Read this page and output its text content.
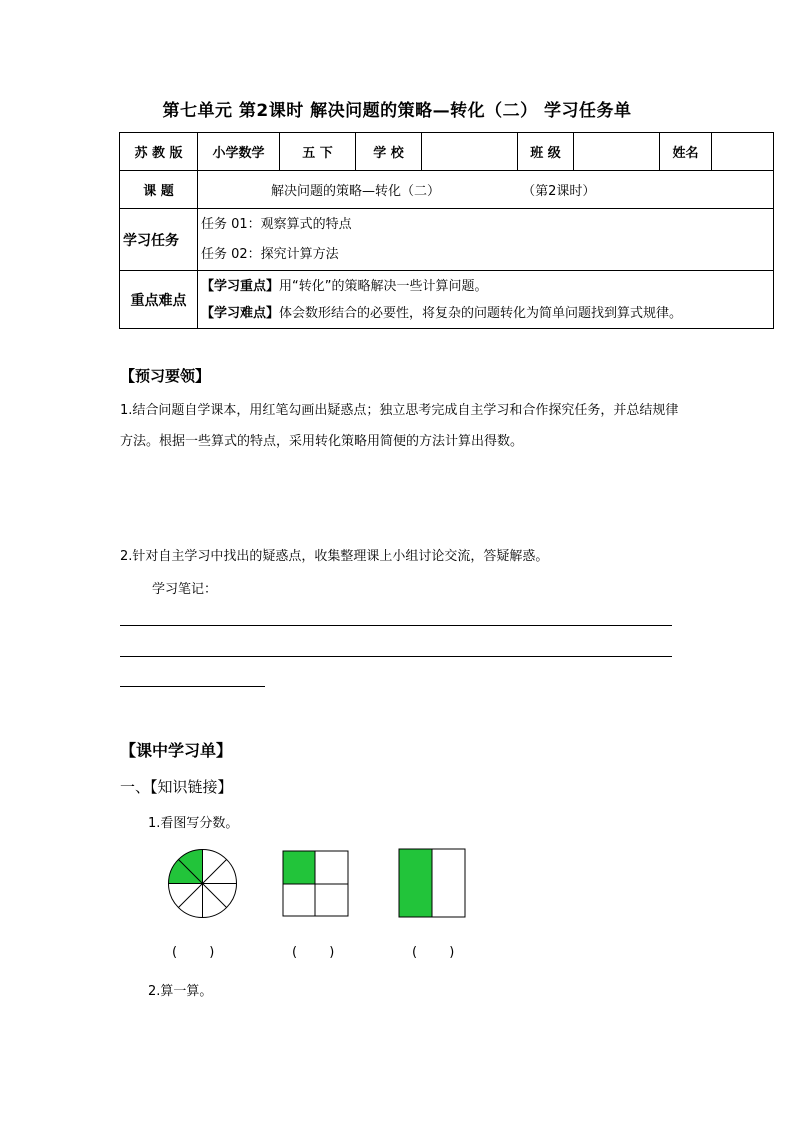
第七单元 第2课时 解决问题的策略—转化（二） 学习任务单
苏 教 版	小学数学	五 下	学 校		班 级		姓名	
课 题	解决问题的策略—转化（二） （第2课时）							
学习任务	任务 01：观察算式的特点
任务 02：探究计算方法							

重点难点	【学习重点】用“转化”的策略解决一些计算问题。
【学习难点】体会数形结合的必要性，将复杂的问题转化为简单问题找到算式规律。							
【预习要领】
1.结合问题自学课本，用红笔勾画出疑惑点；独立思考完成自主学习和合作探究任务，并总结规律方法。根据一些算式的特点，采用转化策略用简便的方法计算出得数。
2.针对自主学习中找出的疑惑点，收集整理课上小组讨论交流，答疑解惑。
学习笔记：
【课中学习单】
一、【知识链接】
1.看图写分数。
( )	( )	( )
2.算一算。
